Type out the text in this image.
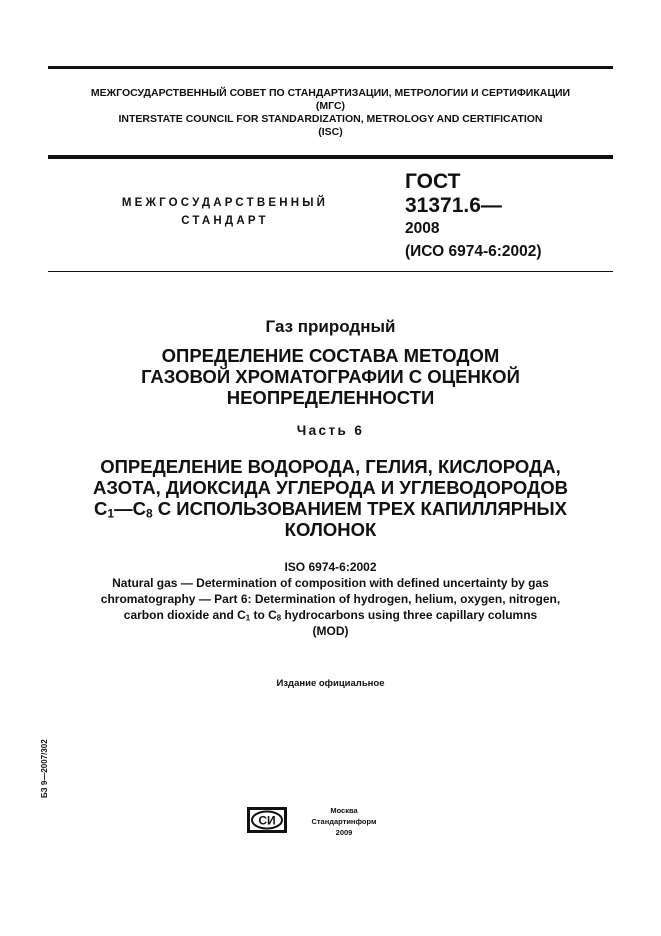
МЕЖГОСУДАРСТВЕННЫЙ СОВЕТ ПО СТАНДАРТИЗАЦИИ, МЕТРОЛОГИИ И СЕРТИФИКАЦИИ
(МГС)
INTERSTATE COUNCIL FOR STANDARDIZATION, METROLOGY AND CERTIFICATION
(ISC)
МЕЖГОСУДАРСТВЕННЫЙ
СТАНДАРТ
ГОСТ
31371.6—
2008
(ИСО 6974-6:2002)
Газ природный
ОПРЕДЕЛЕНИЕ СОСТАВА МЕТОДОМ
ГАЗОВОЙ ХРОМАТОГРАФИИ С ОЦЕНКОЙ
НЕОПРЕДЕЛЕННОСТИ
Часть 6
ОПРЕДЕЛЕНИЕ ВОДОРОДА, ГЕЛИЯ, КИСЛОРОДА,
АЗОТА, ДИОКСИДА УГЛЕРОДА И УГЛЕВОДОРОДОВ
$С_1—С_8$ С ИСПОЛЬЗОВАНИЕМ ТРЕХ КАПИЛЛЯРНЫХ
КОЛОНОК
ISO 6974-6:2002
Natural gas — Determination of composition with defined uncertainty by gas
chromatography — Part 6: Determination of hydrogen, helium, oxygen, nitrogen,
carbon dioxide and $C_1$ to $C_8$ hydrocarbons using three capillary columns
(MOD)
Издание официальное
БЗ 9—2007/302
СИ
Москва
Стандартинформ
2009
